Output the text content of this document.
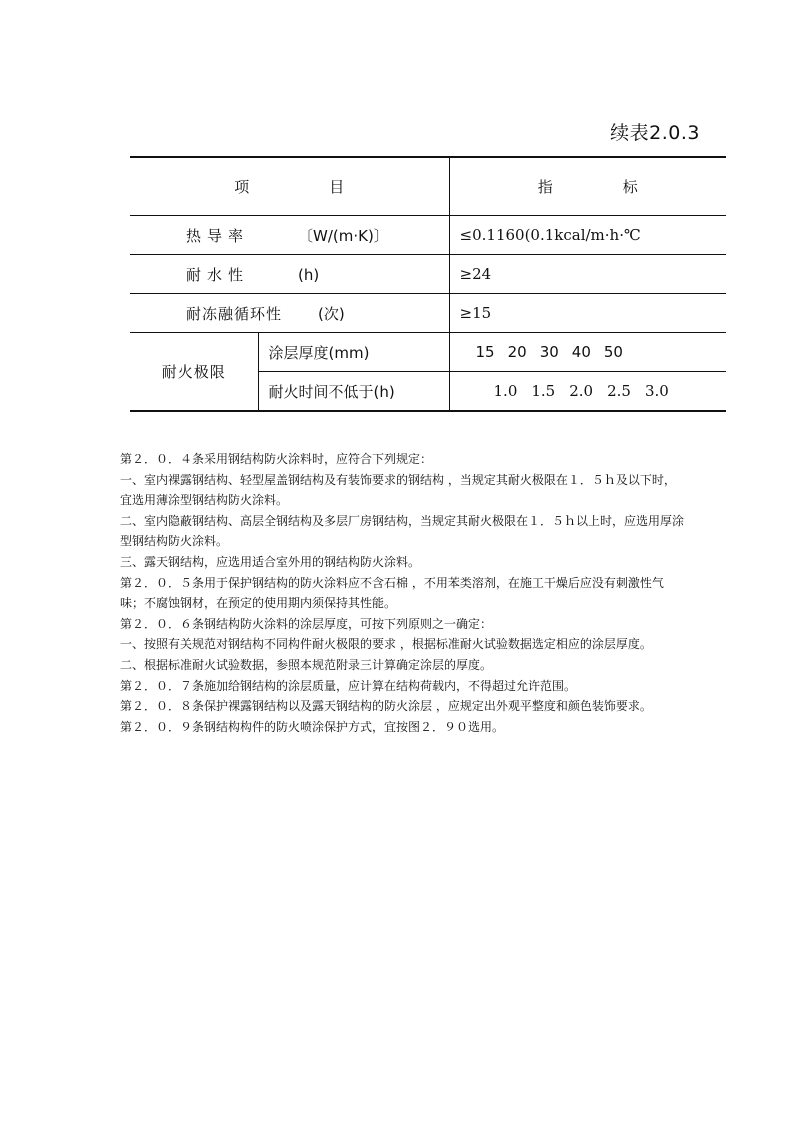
续表2.0.3
项目		指标
热导率 〔W/(m·K)〕		≤0.1160(0.1kcal/m·h·℃
耐水性 (h)		≥24
耐冻融循环性 (次)		≥15
耐火极限	涂层厚度(mm)	15 20 30 40 50
	耐火时间不低于(h)	1.0 1.5 2.0 2.5 3.0

第２．０．４条采用钢结构防火涂料时，应符合下列规定：

一、室内裸露钢结构、轻型屋盖钢结构及有装饰要求的钢结构 ，当规定其耐火极限在１．５ｈ及以下时，宜选用薄涂型钢结构防火涂料。

二、室内隐蔽钢结构、高层全钢结构及多层厂房钢结构，当规定其耐火极限在１．５ｈ以上时，应选用厚涂型钢结构防火涂料。

三、露天钢结构，应选用适合室外用的钢结构防火涂料。

第２．０．５条用于保护钢结构的防火涂料应不含石棉 ，不用苯类溶剂，在施工干燥后应没有刺激性气味；不腐蚀钢材，在预定的使用期内须保持其性能。

第２．０．６条钢结构防火涂料的涂层厚度，可按下列原则之一确定：

一、按照有关规范对钢结构不同构件耐火极限的要求 ，根据标准耐火试验数据选定相应的涂层厚度。

二、根据标准耐火试验数据，参照本规范附录三计算确定涂层的厚度。

第２．０．７条施加给钢结构的涂层质量，应计算在结构荷载内，不得超过允许范围。

第２．０．８条保护裸露钢结构以及露天钢结构的防火涂层 ，应规定出外观平整度和颜色装饰要求。

第２．０．９条钢结构构件的防火喷涂保护方式，宜按图２．９０选用。
